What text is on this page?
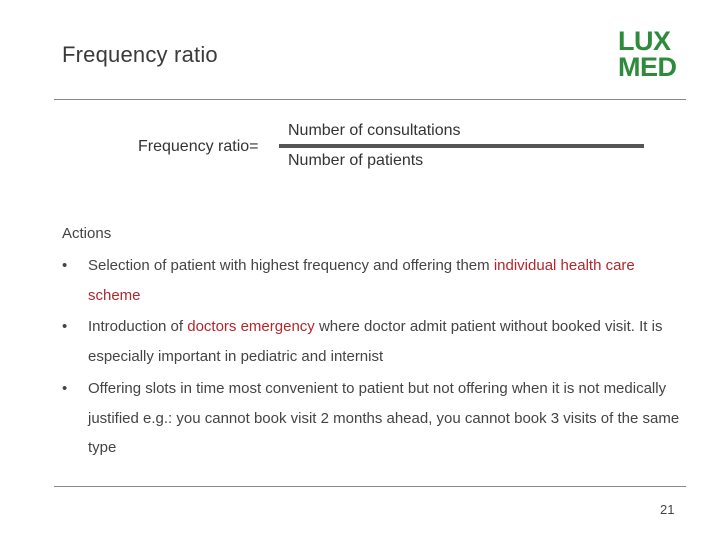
Frequency ratio	LUX
MED
Frequency ratio=
Number of consultations
Number of patients
Actions
• Selection of patient with highest frequency and offering them individual health care scheme
• Introduction of doctors emergency where doctor admit patient without booked visit. It is especially important in pediatric and internist
• Offering slots in time most convenient to patient but not offering when it is not medically justified e.g.: you cannot book visit 2 months ahead, you cannot book 3 visits of the same type
21
